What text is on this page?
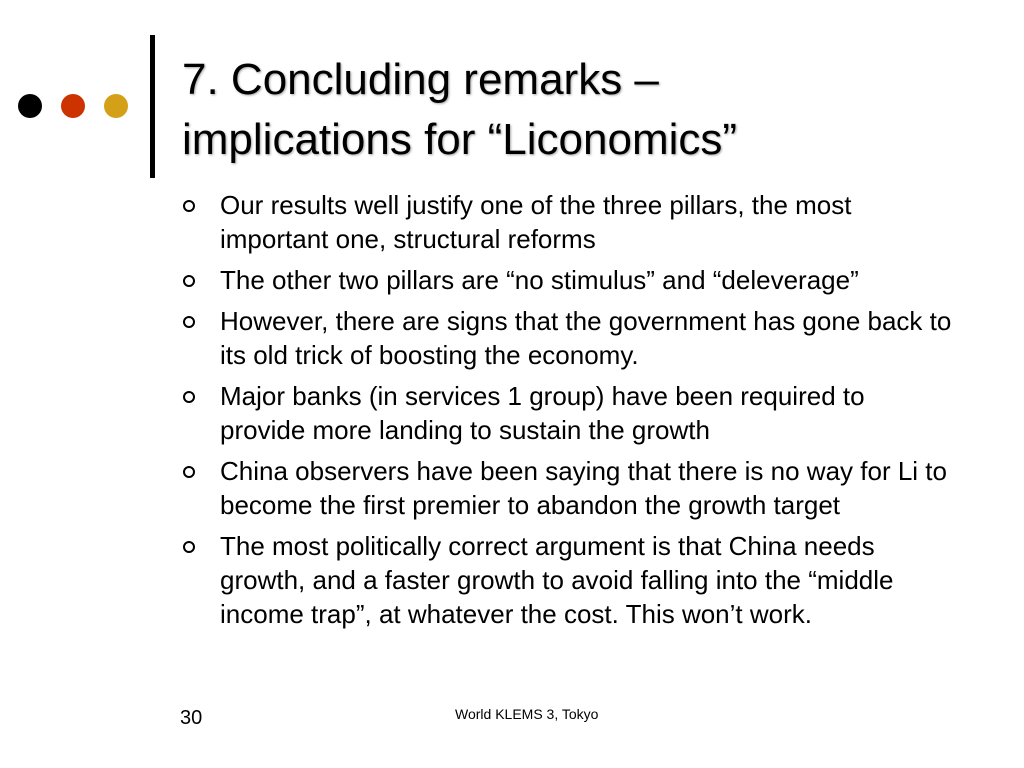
7. Concluding remarks –
implications for “Liconomics”
Our results well justify one of the three pillars, the most important one, structural reforms
The other two pillars are “no stimulus” and “deleverage”
However, there are signs that the government has gone back to its old trick of boosting the economy.
Major banks (in services 1 group) have been required to provide more landing to sustain the growth
China observers have been saying that there is no way for Li to become the first premier to abandon the growth target
The most politically correct argument is that China needs growth, and a faster growth to avoid falling into the “middle income trap”, at whatever the cost. This won’t work.
30	World KLEMS 3, Tokyo
